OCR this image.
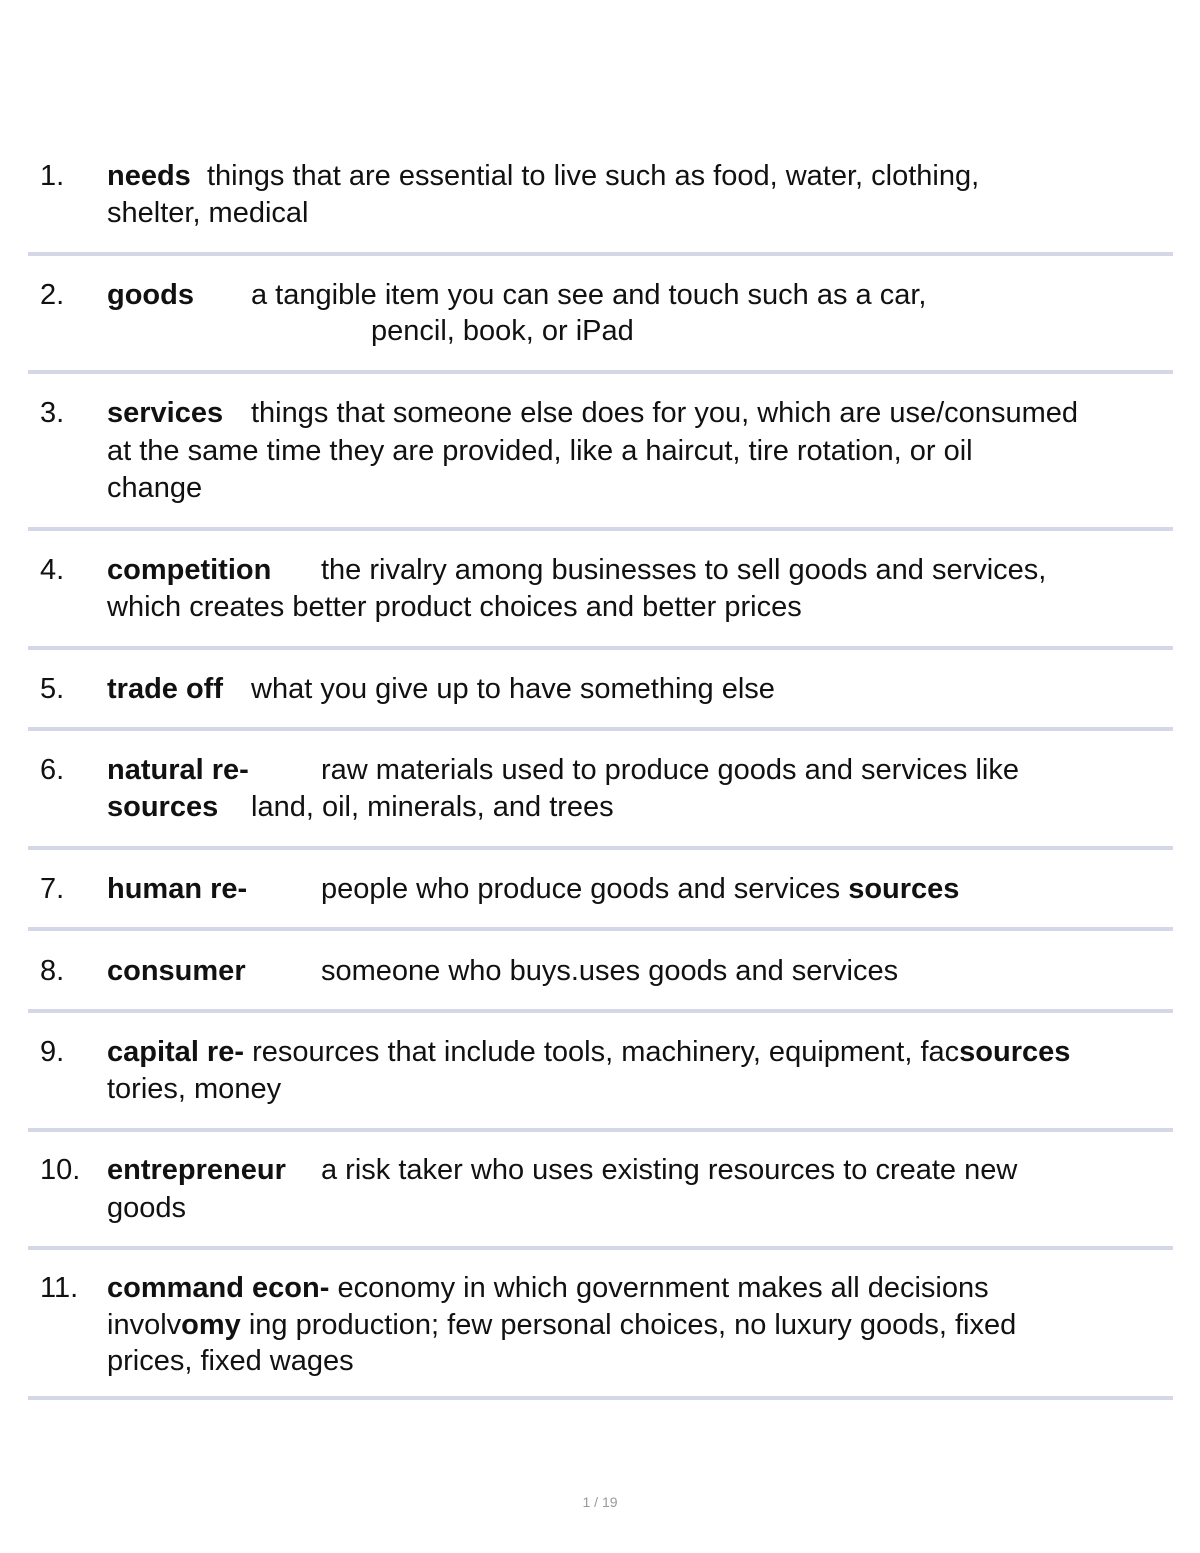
1. needs things that are essential to live such as food, water, clothing,
shelter, medical
2. goods a tangible item you can see and touch such as a car,
pencil, book, or iPad
3. services things that someone else does for you, which are use/consumed
at the same time they are provided, like a haircut, tire rotation, or oil
change
4. competition the rivalry among businesses to sell goods and services,
which creates better product choices and better prices
5. trade off what you give up to have something else
6. natural re- raw materials used to produce goods and services like
sources land, oil, minerals, and trees
7. human re-	people who produce goods and services sources
8. consumer	someone who buys.uses goods and services
9. capital re- resources that include tools, machinery, equipment, facsources
tories, money
10. entrepreneur a risk taker who uses existing resources to create new
goods
11. command econ- economy in which government makes all decisions
involvomy ing production; few personal choices, no luxury goods, fixed
prices, fixed wages
1 / 19
